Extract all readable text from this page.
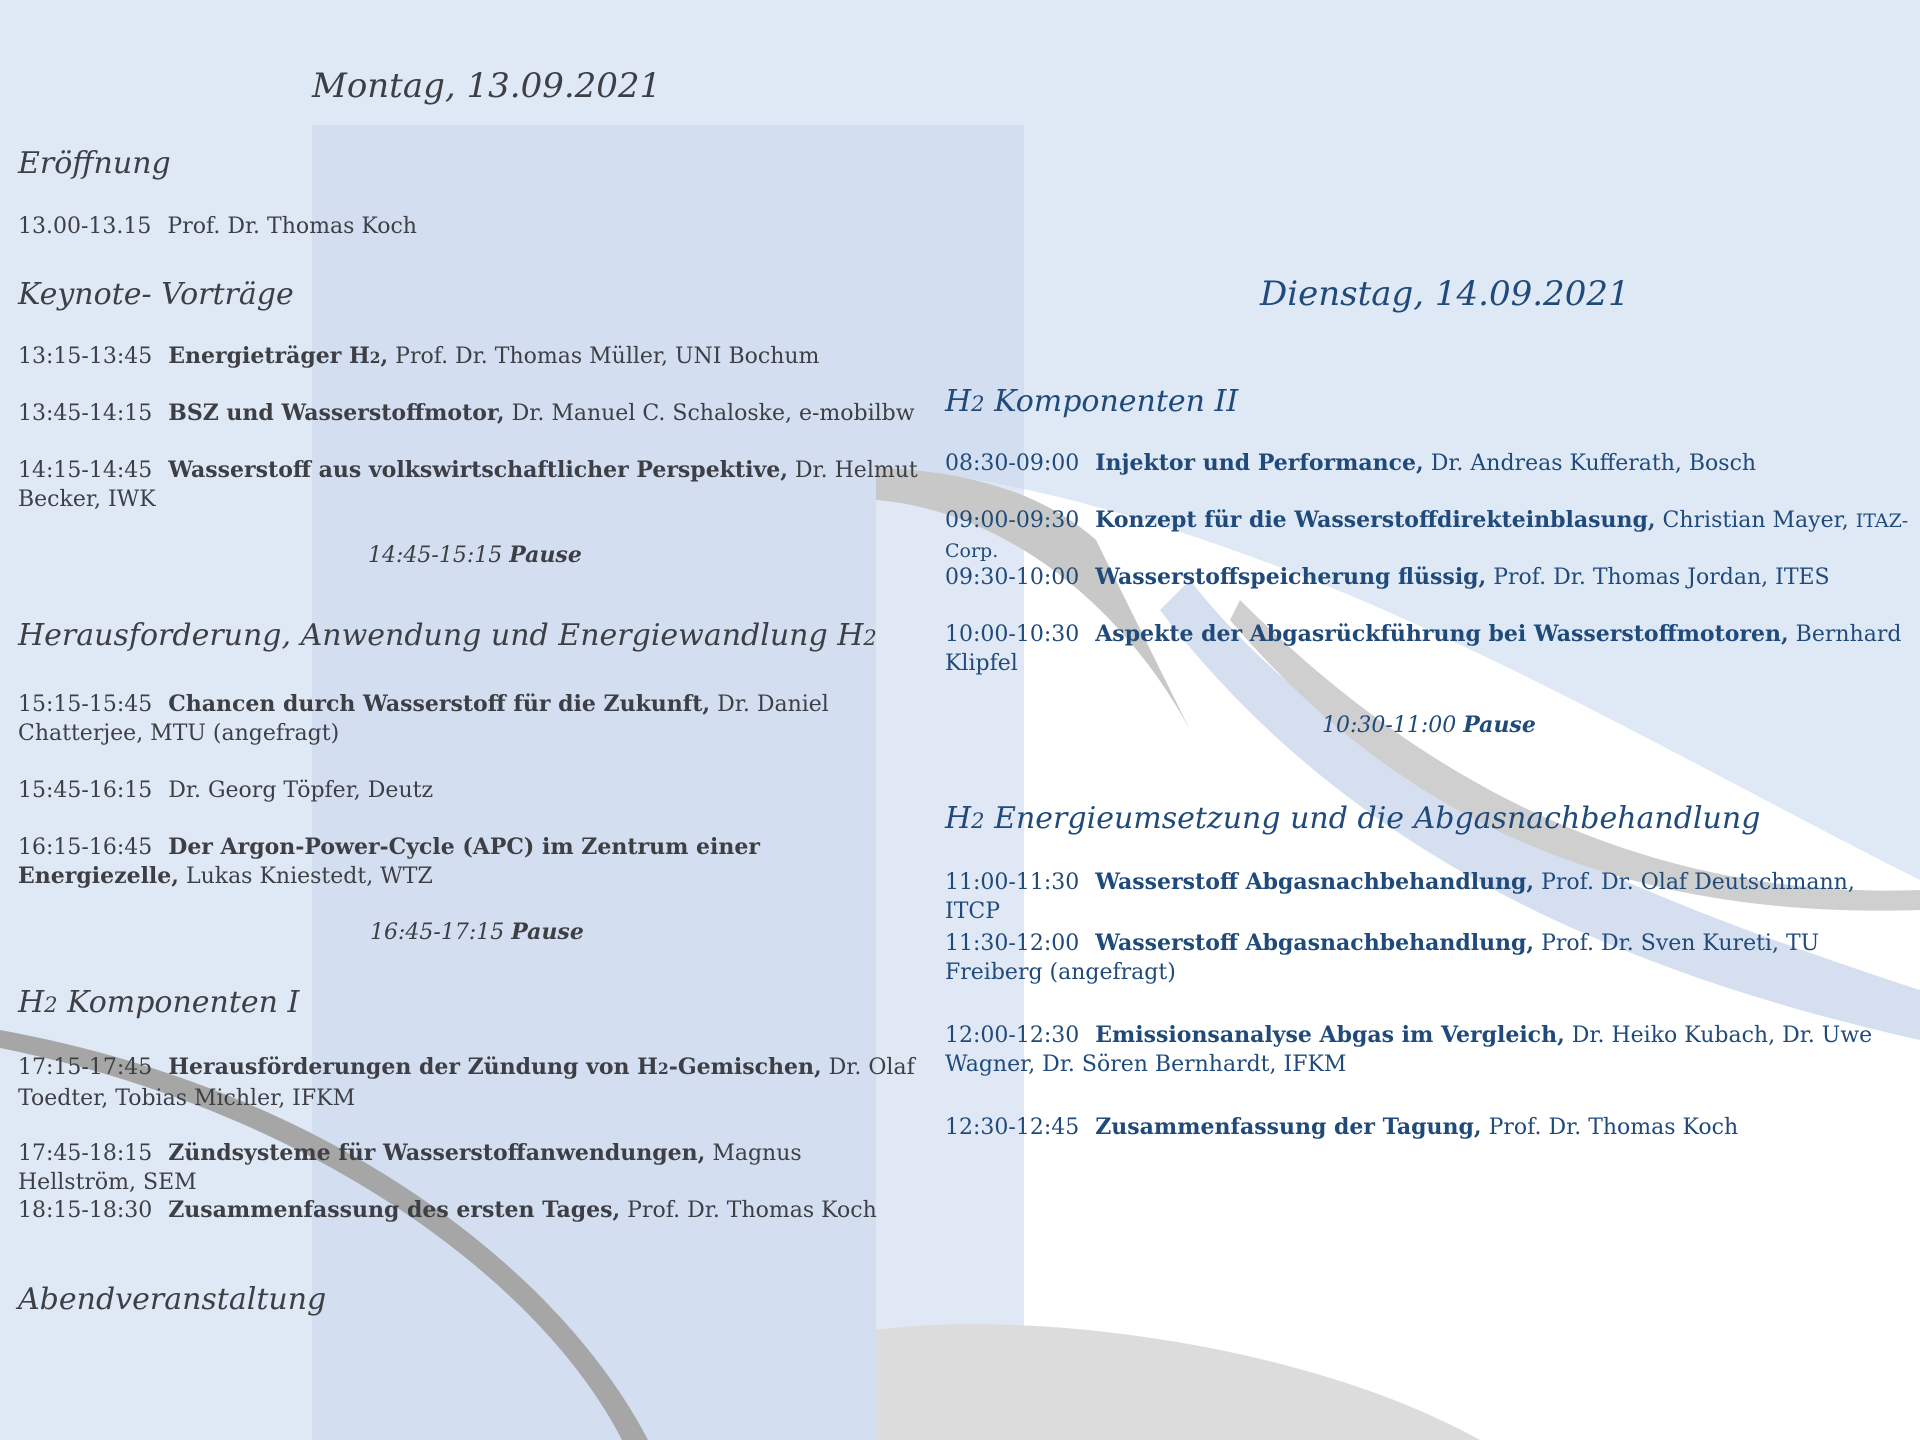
Montag, 13.09.2021
Eröffnung

13.00-13.15 Prof. Dr. Thomas Koch

Keynote- Vorträge

13:15-13:45 Energieträger H2, Prof. Dr. Thomas Müller, UNI Bochum

13:45-14:15 BSZ und Wasserstoffmotor, Dr. Manuel C. Schaloske, e-mobilbw

14:15-14:45 Wasserstoff aus volkswirtschaftlicher Perspektive, Dr. Helmut Becker, IWK

14:45-15:15 Pause

Herausforderung, Anwendung und Energiewandlung H2

15:15-15:45 Chancen durch Wasserstoff für die Zukunft, Dr. Daniel Chatterjee, MTU (angefragt)

15:45-16:15 Dr. Georg Töpfer, Deutz

16:15-16:45 Der Argon-Power-Cycle (APC) im Zentrum einer Energiezelle, Lukas Kniestedt, WTZ

16:45-17:15 Pause

H2 Komponenten I

17:15-17:45 Herausförderungen der Zündung von H2-Gemischen, Dr. Olaf Toedter, Tobias Michler, IFKM

17:45-18:15 Zündsysteme für Wasserstoffanwendungen, Magnus Hellström, SEM

18:15-18:30 Zusammenfassung des ersten Tages, Prof. Dr. Thomas Koch

Abendveranstaltung
Dienstag, 14.09.2021
H2 Komponenten II

08:30-09:00 Injektor und Performance, Dr. Andreas Kufferath, Bosch

09:00-09:30 Konzept für die Wasserstoffdirekteinblasung, Christian Mayer, ITAZ-Corp.

09:30-10:00 Wasserstoffspeicherung flüssig, Prof. Dr. Thomas Jordan, ITES

10:00-10:30 Aspekte der Abgasrückführung bei Wasserstoffmotoren, Bernhard Klipfel

10:30-11:00 Pause

H2 Energieumsetzung und die Abgasnachbehandlung

11:00-11:30 Wasserstoff Abgasnachbehandlung, Prof. Dr. Olaf Deutschmann, ITCP

11:30-12:00 Wasserstoff Abgasnachbehandlung, Prof. Dr. Sven Kureti, TU Freiberg (angefragt)

12:00-12:30 Emissionsanalyse Abgas im Vergleich, Dr. Heiko Kubach, Dr. Uwe Wagner, Dr. Sören Bernhardt, IFKM

12:30-12:45 Zusammenfassung der Tagung, Prof. Dr. Thomas Koch
